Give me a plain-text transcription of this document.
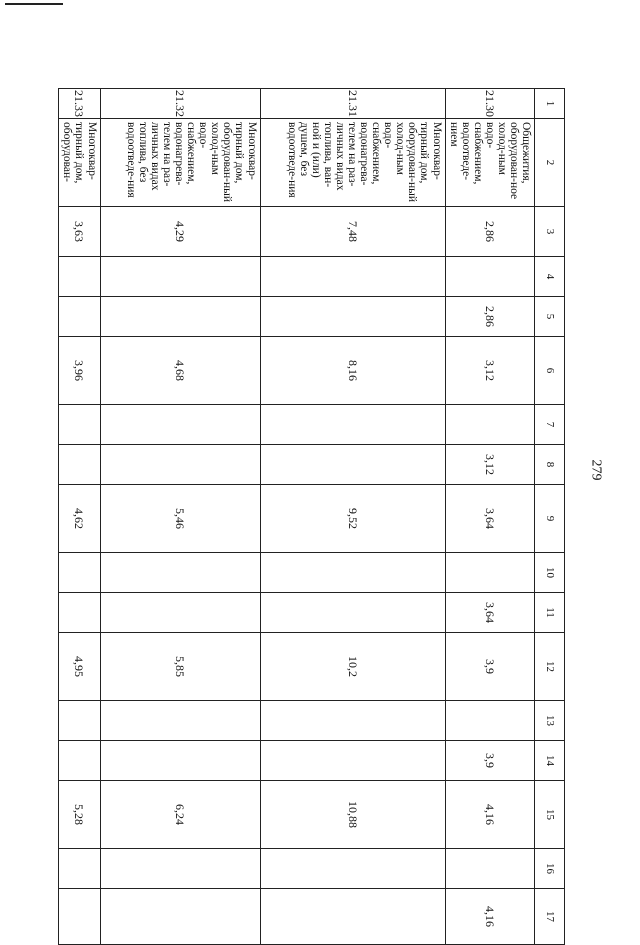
279
1	2	3	4	5	6	7	8	9	10	11	12	13	14	15	16	17
21.30	Общежития, оборудован-ное холод-ным водо-снабжением, водоотведе-нием	2,86		2,86	3,12		3,12	3,64		3,64	3,9		3,9	4,16		4,16
21.31	Многоквар-тирный дом, оборудован-ный холод-ным водо-снабжением, водонагрева-телем на раз-личных видах топлива, ван-ной и (или) душем, без водоотведе-ния	7,48			8,16			9,52			10,2			10,88		
21.32	Многоквар-тирный дом, оборудован-ный холод-ным водо-снабжением, водонагрева-телем на раз-личных видах топлива, без водоотведе-ния	4,29			4,68			5,46			5,85			6,24		
21.33	Многоквар-тирный дом, оборудован-	3,63			3,96			4,62			4,95			5,28		
